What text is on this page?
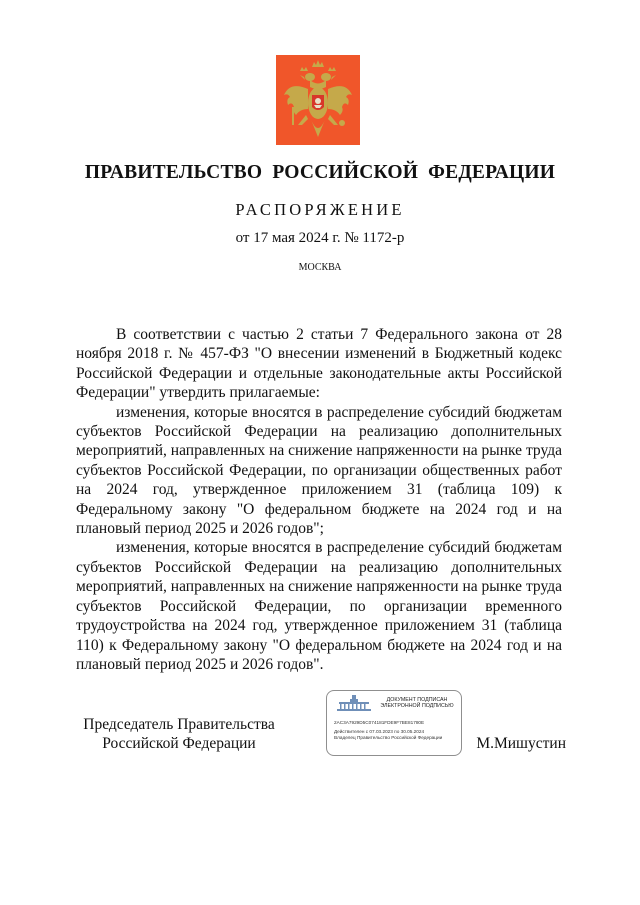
ПРАВИТЕЛЬСТВО РОССИЙСКОЙ ФЕДЕРАЦИИ
РАСПОРЯЖЕНИЕ
от 17 мая 2024 г. № 1172-р
МОСКВА

В соответствии с частью 2 статьи 7 Федерального закона от 28 ноября 2018 г. № 457-ФЗ "О внесении изменений в Бюджетный кодекс Российской Федерации и отдельные законодательные акты Российской Федерации" утвердить прилагаемые:

изменения, которые вносятся в распределение субсидий бюджетам субъектов Российской Федерации на реализацию дополнительных мероприятий, направленных на снижение напряженности на рынке труда субъектов Российской Федерации, по организации общественных работ на 2024 год, утвержденное приложением 31 (таблица 109) к Федеральному закону "О федеральном бюджете на 2024 год и на плановый период 2025 и 2026 годов";

изменения, которые вносятся в распределение субсидий бюджетам субъектов Российской Федерации на реализацию дополнительных мероприятий, направленных на снижение напряженности на рынке труда субъектов Российской Федерации, по организации временного трудоустройства на 2024 год, утвержденное приложением 31 (таблица 110) к Федеральному закону "О федеральном бюджете на 2024 год и на плановый период 2025 и 2026 годов".

Председатель Правительства
Российской Федерации
ДОКУМЕНТ ПОДПИСАН
ЭЛЕКТРОННОЙ ПОДПИСЬЮ
2AC3A7929D5C074181FDE9F7BE81780E
Действителен с 07.03.2023 по 30.05.2024
Владелец Правительство Российской Федерации	М.Мишустин
